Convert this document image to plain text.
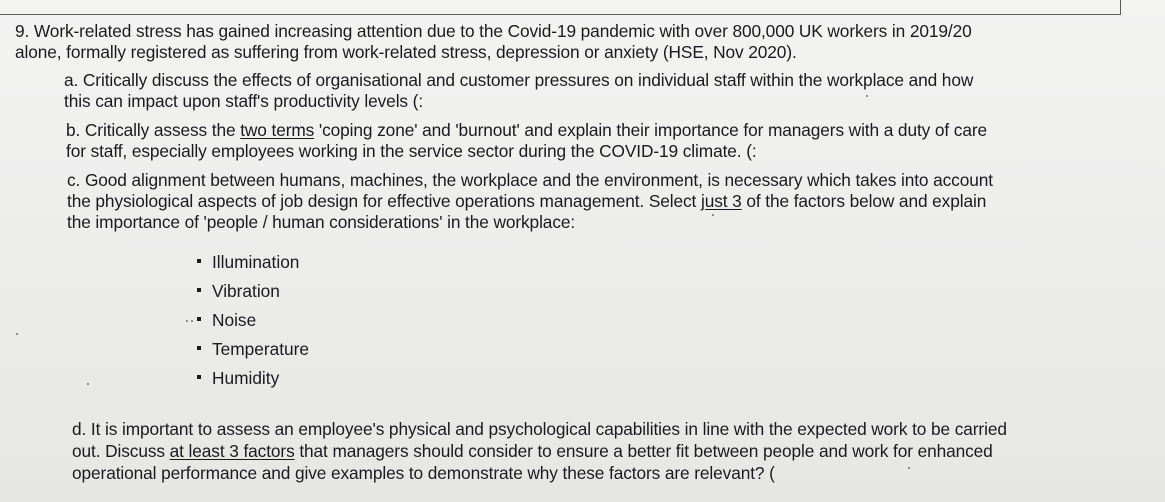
9. Work-related stress has gained increasing attention due to the Covid-19 pandemic with over 800,000 UK workers in 2019/20
alone, formally registered as suffering from work-related stress, depression or anxiety (HSE, Nov 2020).
a. Critically discuss the effects of organisational and customer pressures on individual staff within the workplace and how
this can impact upon staff's productivity levels (:
b. Critically assess the two terms 'coping zone' and 'burnout' and explain their importance for managers with a duty of care
for staff, especially employees working in the service sector during the COVID-19 climate. (:
c. Good alignment between humans, machines, the workplace and the environment, is necessary which takes into account
the physiological aspects of job design for effective operations management. Select just 3 of the factors below and explain
the importance of 'people / human considerations' in the workplace:
Illumination
Vibration
Noise
Temperature
Humidity
d. It is important to assess an employee's physical and psychological capabilities in line with the expected work to be carried
out. Discuss at least 3 factors that managers should consider to ensure a better fit between people and work for enhanced
operational performance and give examples to demonstrate why these factors are relevant? (
